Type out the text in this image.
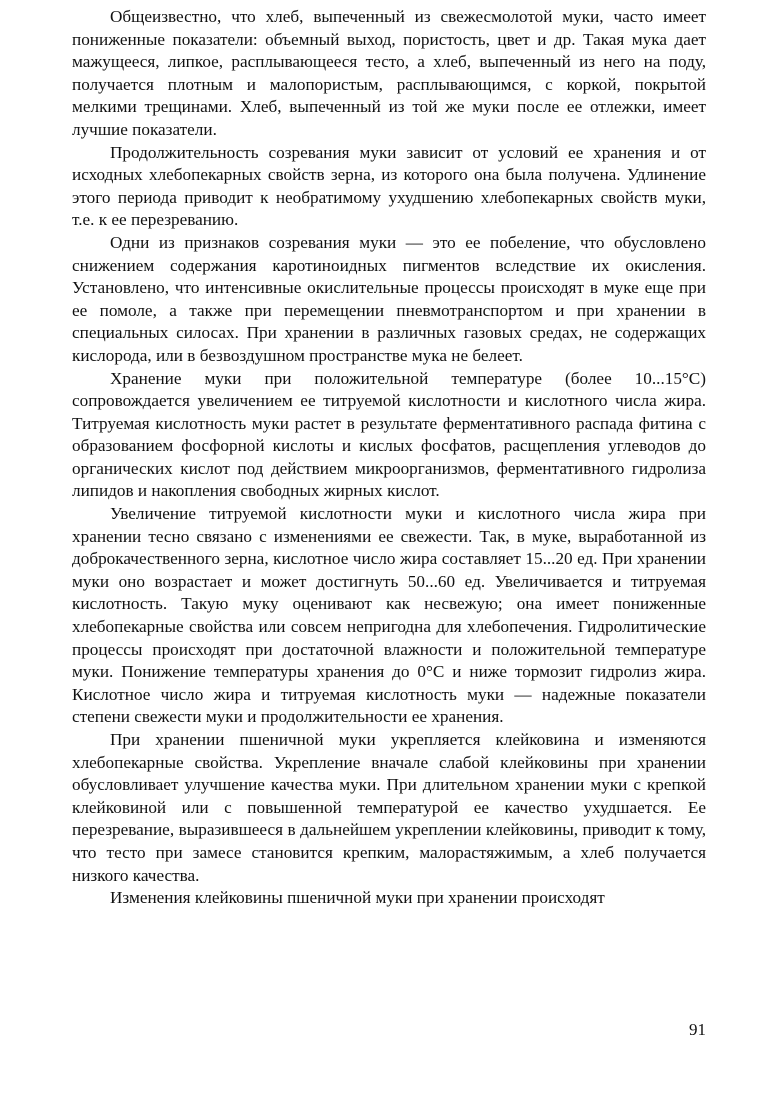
Общеизвестно, что хлеб, выпеченный из свежесмолотой муки, часто имеет пониженные показатели: объемный выход, пористость, цвет и др. Такая мука дает мажущееся, липкое, расплывающееся тесто, а хлеб, выпеченный из него на поду, получается плотным и малопористым, расплывающимся, с коркой, покрытой мелкими трещинами. Хлеб, выпеченный из той же муки после ее отлежки, имеет лучшие показатели.

Продолжительность созревания муки зависит от условий ее хранения и от исходных хлебопекарных свойств зерна, из которого она была получена. Удлинение этого периода приводит к необратимому ухудшению хлебопекарных свойств муки, т.е. к ее перезреванию.

Одни из признаков созревания муки — это ее побеление, что обусловлено снижением содержания каротиноидных пигментов вследствие их окисления. Установлено, что интенсивные окислительные процессы происходят в муке еще при ее помоле, а также при перемещении пневмотранспортом и при хранении в специальных силосах. При хранении в различных газовых средах, не содержащих кислорода, или в безвоздушном пространстве мука не белеет.

Хранение муки при положительной температуре (более 10...15°С) сопровождается увеличением ее титруемой кислотности и кислотного числа жира. Титруемая кислотность муки растет в результате ферментативного распада фитина с образованием фосфорной кислоты и кислых фосфатов, расщепления углеводов до органических кислот под действием микроорганизмов, ферментативного гидролиза липидов и накопления свободных жирных кислот.

Увеличение титруемой кислотности муки и кислотного числа жира при хранении тесно связано с изменениями ее свежести. Так, в муке, выработанной из доброкачественного зерна, кислотное число жира составляет 15...20 ед. При хранении муки оно возрастает и может достигнуть 50...60 ед. Увеличивается и титруемая кислотность. Такую муку оценивают как несвежую; она имеет пониженные хлебопекарные свойства или совсем непригодна для хлебопечения. Гидролитические процессы происходят при достаточной влажности и положительной температуре муки. Понижение температуры хранения до 0°С и ниже тормозит гидролиз жира. Кислотное число жира и титруемая кислотность муки — надежные показатели степени свежести муки и продолжительности ее хранения.

При хранении пшеничной муки укрепляется клейковина и изменяются хлебопекарные свойства. Укрепление вначале слабой клейковины при хранении обусловливает улучшение качества муки. При длительном хранении муки с крепкой клейковиной или с повышенной температурой ее качество ухудшается. Ее перезревание, выразившееся в дальнейшем укреплении клейковины, приводит к тому, что тесто при замесе становится крепким, малорастяжимым, а хлеб получается низкого качества.

Изменения клейковины пшеничной муки при хранении происходят

91
